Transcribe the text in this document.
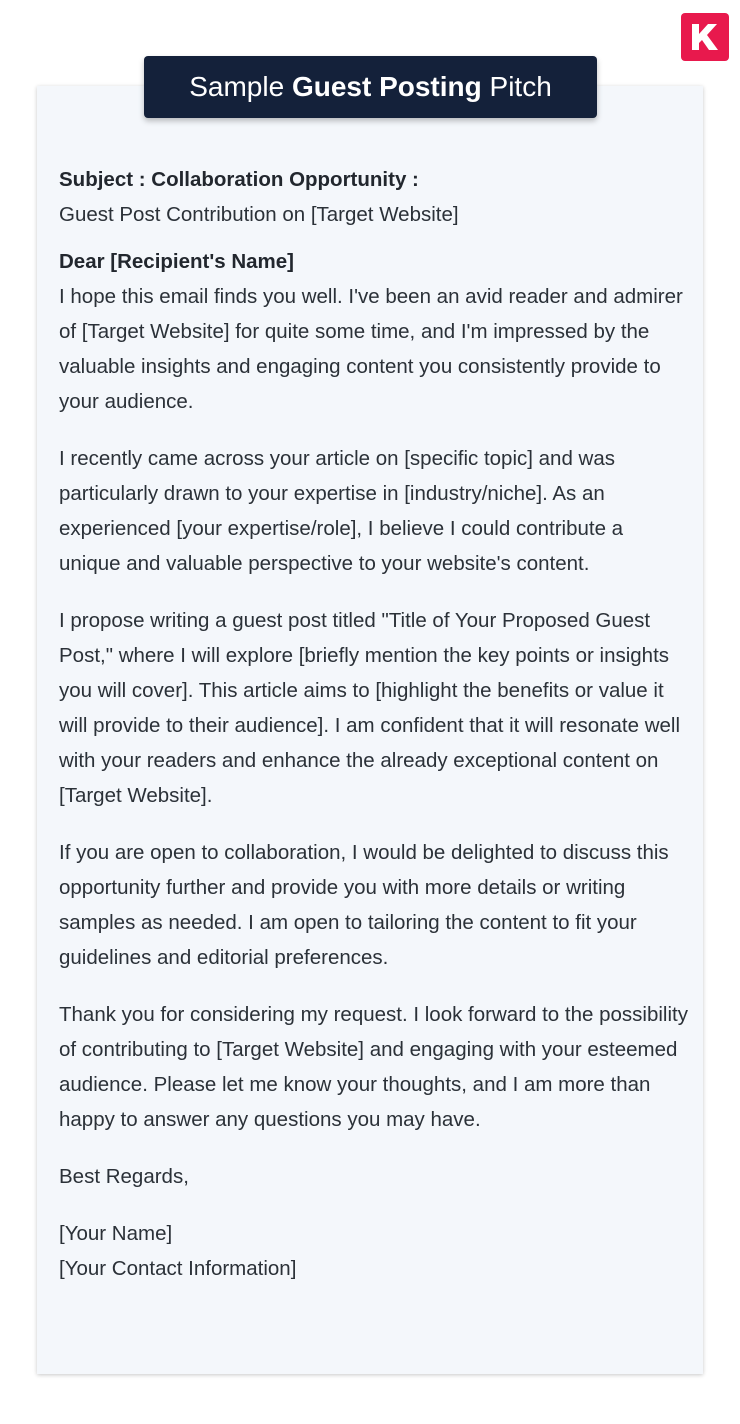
Sample Guest Posting Pitch

Subject : Collaboration Opportunity :

Guest Post Contribution on [Target Website]

Dear [Recipient's Name]

I hope this email finds you well. I've been an avid reader and admirer of [Target Website] for quite some time, and I'm impressed by the valuable insights and engaging content you consistently provide to your audience.

I recently came across your article on [specific topic] and was particularly drawn to your expertise in [industry/niche]. As an experienced [your expertise/role], I believe I could contribute a unique and valuable perspective to your website's content.

I propose writing a guest post titled "Title of Your Proposed Guest Post," where I will explore [briefly mention the key points or insights you will cover]. This article aims to [highlight the benefits or value it will provide to their audience]. I am confident that it will resonate well with your readers and enhance the already exceptional content on [Target Website].

If you are open to collaboration, I would be delighted to discuss this opportunity further and provide you with more details or writing samples as needed. I am open to tailoring the content to fit your guidelines and editorial preferences.

Thank you for considering my request. I look forward to the possibility of contributing to [Target Website] and engaging with your esteemed audience. Please let me know your thoughts, and I am more than happy to answer any questions you may have.

Best Regards,

[Your Name]

[Your Contact Information]
